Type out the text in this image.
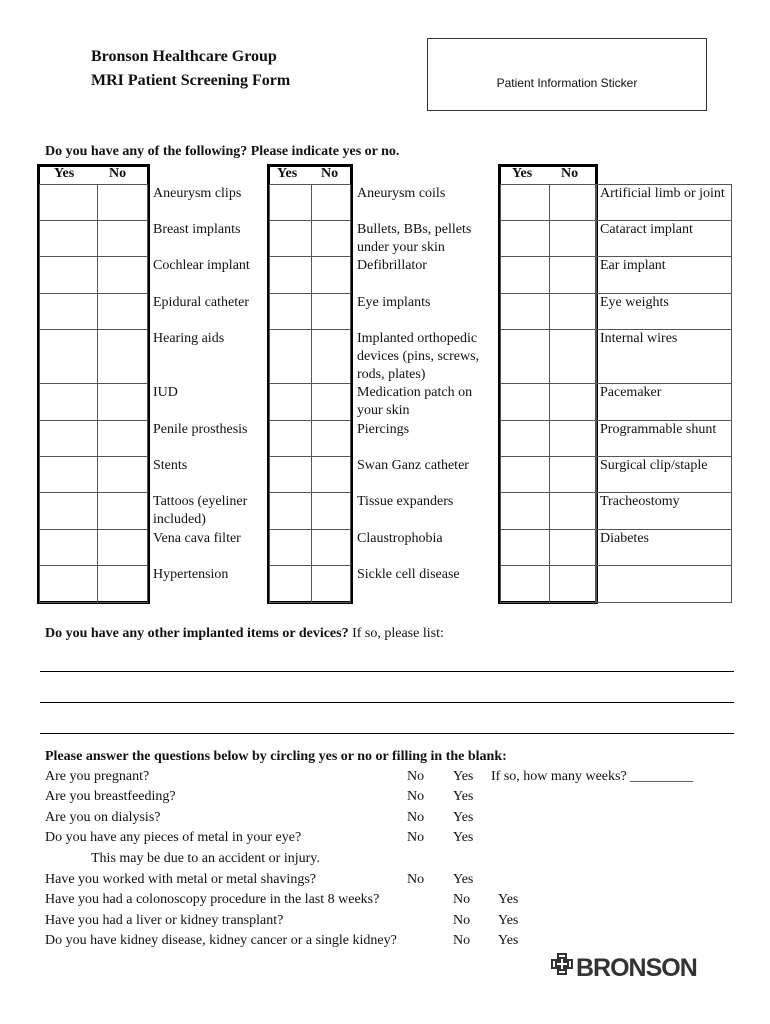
Bronson Healthcare Group
MRI Patient Screening Form	Patient Information Sticker
Do you have any of the following? Please indicate yes or no.
Yes No
Aneurysm clips
Breast implants
Cochlear implant
Epidural catheter
Hearing aids
IUD
Penile prosthesis
Stents
Tattoos (eyeliner included)
Vena cava filter
Hypertension
Yes No
Aneurysm coils
Bullets, BBs, pellets under your skin
Defibrillator
Eye implants
Implanted orthopedic devices (pins, screws, rods, plates)
Medication patch on your skin
Piercings
Swan Ganz catheter
Tissue expanders
Claustrophobia
Sickle cell disease
Yes No
Artificial limb or joint
Cataract implant
Ear implant
Eye weights
Internal wires
Pacemaker
Programmable shunt
Surgical clip/staple
Tracheostomy
Diabetes
Do you have any other implanted items or devices? If so, please list:
Please answer the questions below by circling yes or no or filling in the blank:
Are you pregnant?	No Yes If so, how many weeks? _________
Are you breastfeeding?	No Yes
Are you on dialysis?	No Yes
Do you have any pieces of metal in your eye?	No Yes
This may be due to an accident or injury.
Have you worked with metal or metal shavings?	No Yes
Have you had a colonoscopy procedure in the last 8 weeks?	No Yes
Have you had a liver or kidney transplant?	No Yes
Do you have kidney disease, kidney cancer or a single kidney?	No Yes
BRONSON
